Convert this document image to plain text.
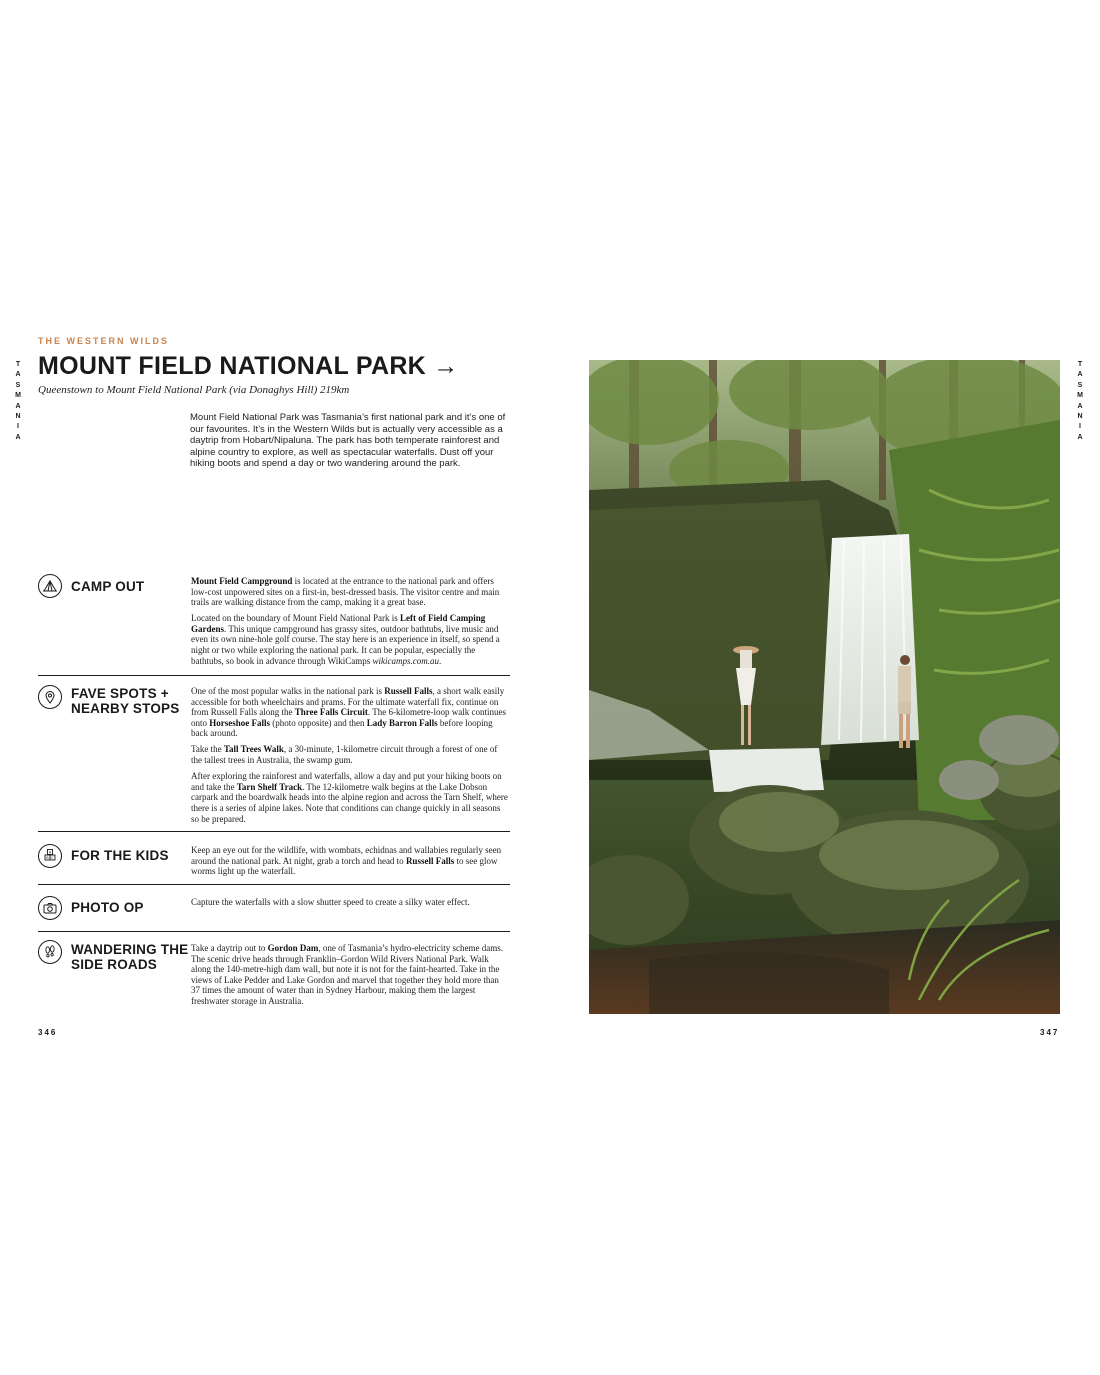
THE WESTERN WILDS
T
A
S
M
A
N
I
A
T
A
S
M
A
N
I
A
MOUNT FIELD NATIONAL PARK →
Queenstown to Mount Field National Park (via Donaghys Hill) 219km
Mount Field National Park was Tasmania’s first national park and it’s one of our favourites. It’s in the Western Wilds but is actually very accessible as a daytrip from Hobart/Nipaluna. The park has both temperate rainforest and alpine country to explore, as well as spectacular waterfalls. Dust off your hiking boots and spend a day or two wandering around the park.
CAMP OUT	Mount Field Campground is located at the entrance to the national park and offers low-cost unpowered sites on a first-in, best-dressed basis. The visitor centre and main trails are walking distance from the camp, making it a great base.

Located on the boundary of Mount Field National Park is Left of Field Camping Gardens. This unique campground has grassy sites, outdoor bathtubs, live music and even its own nine-hole golf course. The stay here is an experience in itself, so spend a night or two while exploring the national park. It can be popular, especially the bathtubs, so book in advance through WikiCamps wikicamps.com.au.

FAVE SPOTS + NEARBY STOPS

One of the most popular walks in the national park is Russell Falls, a short walk easily accessible for both wheelchairs and prams. For the ultimate waterfall fix, continue on from Russell Falls along the Three Falls Circuit. The 6-kilometre-loop walk continues onto Horseshoe Falls (photo opposite) and then Lady Barron Falls before looping back around.

Take the Tall Trees Walk, a 30-minute, 1-kilometre circuit through a forest of one of the tallest trees in Australia, the swamp gum.

After exploring the rainforest and waterfalls, allow a day and put your hiking boots on and take the Tarn Shelf Track. The 12-kilometre walk begins at the Lake Dobson carpark and the boardwalk heads into the alpine region and across the Tarn Shelf, where there is a series of alpine lakes. Note that conditions can change quickly in all seasons so be prepared.

A
B C FOR THE KIDS	Keep an eye out for the wildlife, with wombats, echidnas and wallabies regularly seen around the national park. At night, grab a torch and head to Russell Falls to see glow worms light up the waterfall.

PHOTO OP	Capture the waterfalls with a slow shutter speed to create a silky water effect.

WANDERING THE SIDE ROADS

Take a daytrip out to Gordon Dam, one of Tasmania’s hydro-electricity scheme dams. The scenic drive heads through Franklin–Gordon Wild Rivers National Park. Walk along the 140-metre-high dam wall, but note it is not for the faint-hearted. Take in the views of Lake Pedder and Lake Gordon and marvel that together they hold more than 37 times the amount of water than in Sydney Harbour, making them the largest freshwater storage in Australia.

346	347
